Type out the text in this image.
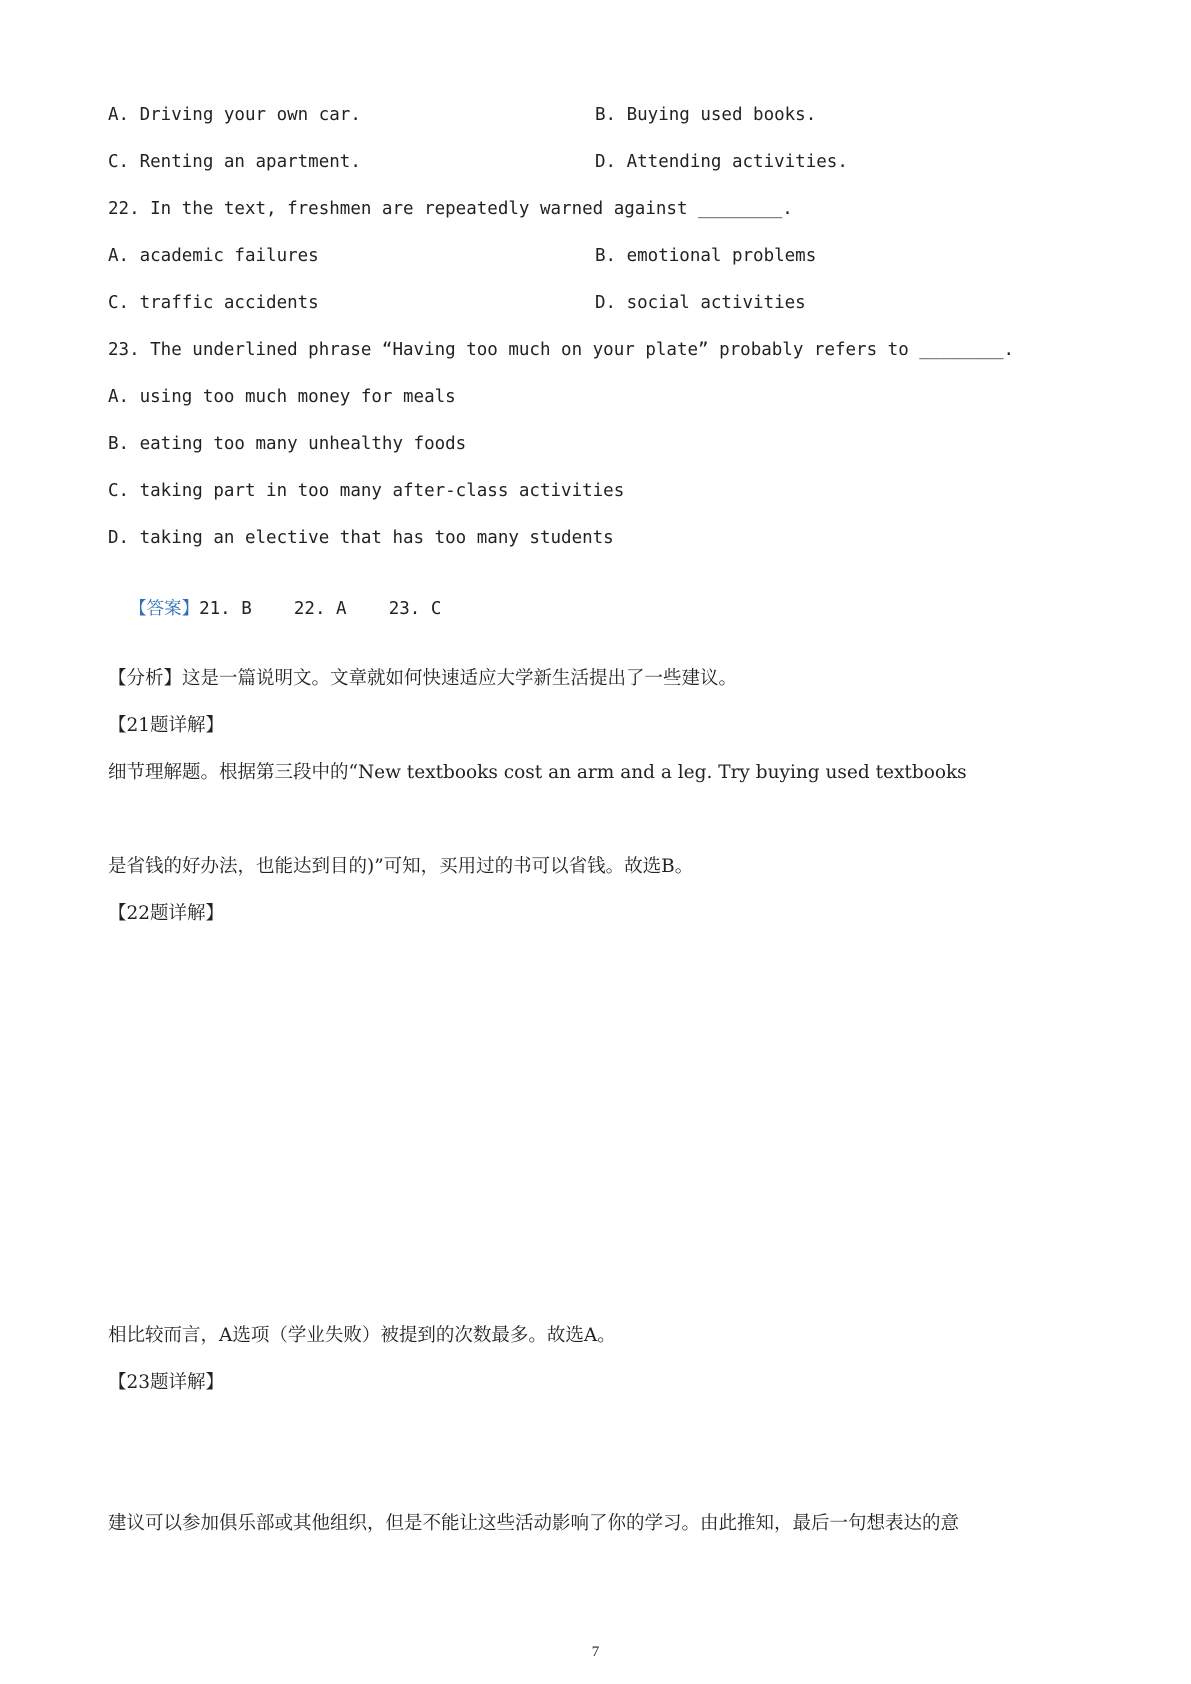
A. Driving your own car.	B. Buying used books.
C. Renting an apartment.	D. Attending activities.
22. In the text, freshmen are repeatedly warned against ________.
A. academic failures	B. emotional problems
C. traffic accidents	D. social activities
23. The underlined phrase “Having too much on your plate” probably refers to ________.
A. using too much money for meals
B. eating too many unhealthy foods
C. taking part in too many after-class activities
D. taking an elective that has too many students

【答案】21. B    22. A    23. C

【分析】这是一篇说明文。文章就如何快速适应大学新生活提出了一些建议。
【21题详解】
细节理解题。根据第三段中的“New textbooks cost an arm and a leg. Try buying used textbooks
是省钱的好办法，也能达到目的)”可知，买用过的书可以省钱。故选B。
【22题详解】
相比较而言，A选项（学业失败）被提到的次数最多。故选A。
【23题详解】
建议可以参加俱乐部或其他组织，但是不能让这些活动影响了你的学习。由此推知，最后一句想表达的意
7
